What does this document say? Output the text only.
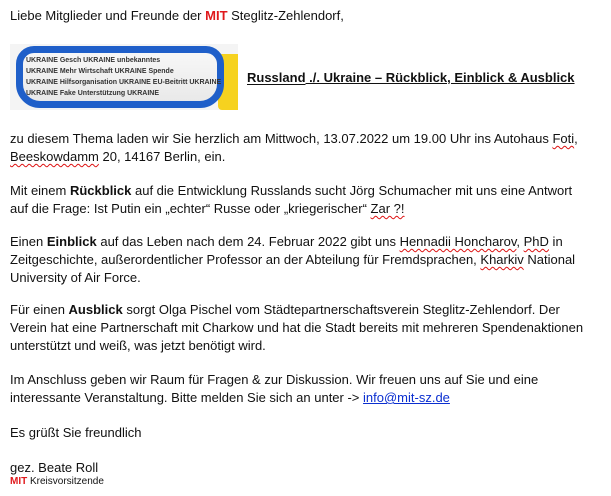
Liebe Mitglieder und Freunde der MIT Steglitz-Zehlendorf,
UKRAINE Gesch UKRAINE unbekanntes
UKRAINE Mehr Wirtschaft UKRAINE Spende
UKRAINE Hilfsorganisation UKRAINE EU-Beitritt UKRAINE
UKRAINE Fake Unterstützung UKRAINE
Russland ./. Ukraine – Rückblick, Einblick & Ausblick
zu diesem Thema laden wir Sie herzlich am Mittwoch, 13.07.2022 um 19.00 Uhr ins Autohaus Foti,
Beeskowdamm 20, 14167 Berlin, ein.
Mit einem Rückblick auf die Entwicklung Russlands sucht Jörg Schumacher mit uns eine Antwort
auf die Frage: Ist Putin ein „echter“ Russe oder „kriegerischer“ Zar ?!
Einen Einblick auf das Leben nach dem 24. Februar 2022 gibt uns Hennadii Honcharov, PhD in
Zeitgeschichte, außerordentlicher Professor an der Abteilung für Fremdsprachen, Kharkiv National
University of Air Force.
Für einen Ausblick sorgt Olga Pischel vom Städtepartnerschaftsverein Steglitz-Zehlendorf. Der
Verein hat eine Partnerschaft mit Charkow und hat die Stadt bereits mit mehreren Spendenaktionen
unterstützt und weiß, was jetzt benötigt wird.
Im Anschluss geben wir Raum für Fragen & zur Diskussion. Wir freuen uns auf Sie und eine
interessante Veranstaltung. Bitte melden Sie sich an unter -> info@mit-sz.de
Es grüßt Sie freundlich
gez. Beate Roll
MIT Kreisvorsitzende
